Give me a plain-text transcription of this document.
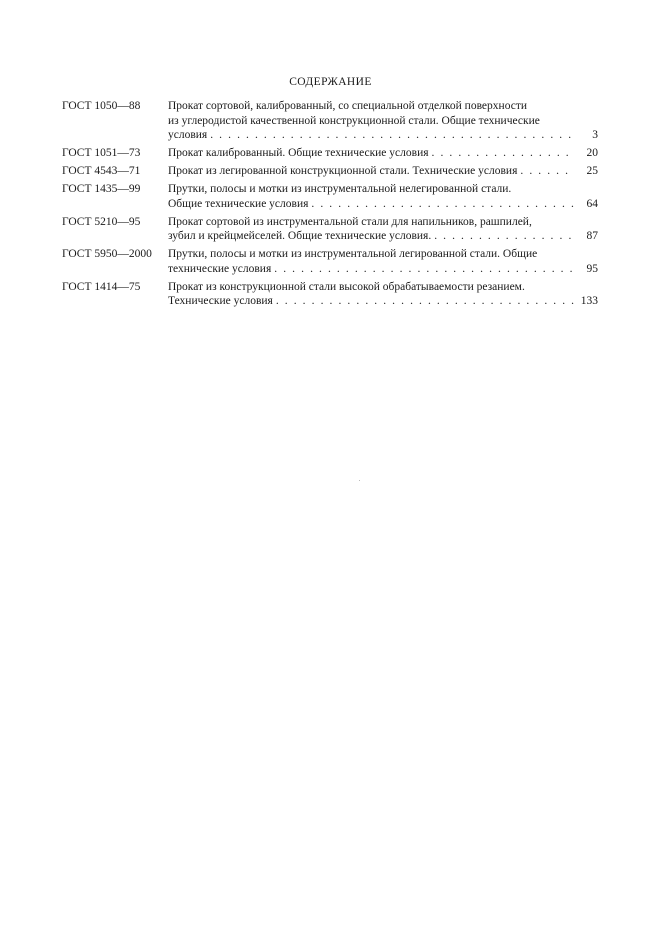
СОДЕРЖАНИЕ
ГОСТ 1050—88	Прокат сортовой, калиброванный, со специальной отделкой поверхности
из углеродистой качественной конструкционной стали. Общие технические
условия . . .	3
ГОСТ 1051—73	Прокат калиброванный. Общие технические условия . . .	20
ГОСТ 4543—71	Прокат из легированной конструкционной стали. Технические условия . . .	25
ГОСТ 1435—99	Прутки, полосы и мотки из инструментальной нелегированной стали.
Общие технические условия . . .	64
ГОСТ 5210—95	Прокат сортовой из инструментальной стали для напильников, рашпилей,
зубил и крейцмейселей. Общие технические условия. . . .	87
ГОСТ 5950—2000	Прутки, полосы и мотки из инструментальной легированной стали. Общие
технические условия . . .	95
ГОСТ 1414—75	Прокат из конструкционной стали высокой обрабатываемости резанием.
Технические условия . . .	133
